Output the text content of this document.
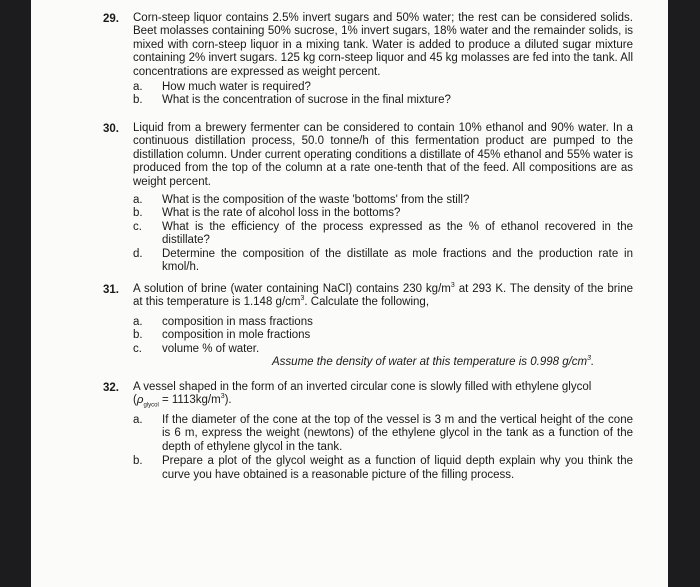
29. Corn-steep liquor contains 2.5% invert sugars and 50% water; the rest can be considered solids. Beet molasses containing 50% sucrose, 1% invert sugars, 18% water and the remainder solids, is mixed with corn-steep liquor in a mixing tank. Water is added to produce a diluted sugar mixture containing 2% invert sugars. 125 kg corn-steep liquor and 45 kg molasses are fed into the tank. All concentrations are expressed as weight percent.
a.	How much water is required?
b.	What is the concentration of sucrose in the final mixture?
30. Liquid from a brewery fermenter can be considered to contain 10% ethanol and 90% water. In a continuous distillation process, 50.0 tonne/h of this fermentation product are pumped to the distillation column. Under current operating conditions a distillate of 45% ethanol and 55% water is produced from the top of the column at a rate one-tenth that of the feed. All compositions are as weight percent.
a.	What is the composition of the waste 'bottoms' from the still?
b.	What is the rate of alcohol loss in the bottoms?
c.	What is the efficiency of the process expressed as the % of ethanol recovered in the distillate?
d.	Determine the composition of the distillate as mole fractions and the production rate in kmol/h.
31. A solution of brine (water containing NaCl) contains 230 $kg/m^3$ at 293 K. The density of the brine at this temperature is 1.148 $g/cm^3$. Calculate the following,
a.	composition in mass fractions
b.	composition in mole fractions
c.	volume % of water.
Assume the density of water at this temperature is 0.998 $g/cm^3$.
32. A vessel shaped in the form of an inverted circular cone is slowly filled with ethylene glycol
$(\rho_{glycol} = 1113kg/m^3)$.
a.	If the diameter of the cone at the top of the vessel is 3 m and the vertical height of the cone is 6 m, express the weight (newtons) of the ethylene glycol in the tank as a function of the depth of ethylene glycol in the tank.
b.	Prepare a plot of the glycol weight as a function of liquid depth explain why you think the curve you have obtained is a reasonable picture of the filling process.
